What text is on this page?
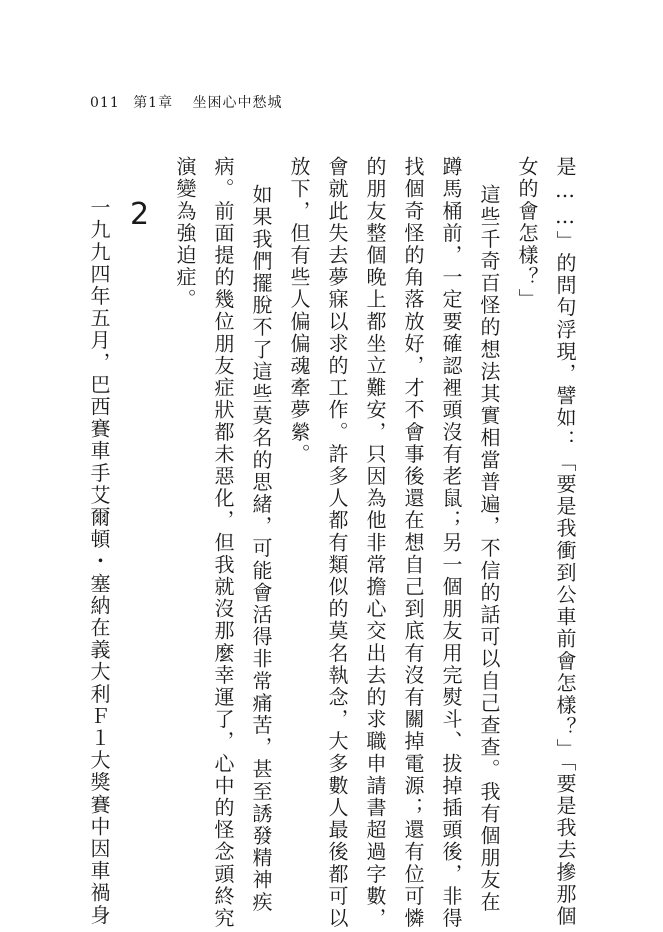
011 第1章 坐困心中愁城
是……」的問句浮現，譬如：「要是我衝到公車前會怎樣？」「要是我去摻那個
女的會怎樣？」
這些千奇百怪的想法其實相當普遍，不信的話可以自己查查。我有個朋友在
蹲馬桶前，一定要確認裡頭沒有老鼠；另一個朋友用完熨斗、拔掉插頭後，非得
找個奇怪的角落放好，才不會事後還在想自己到底有沒有關掉電源；還有位可憐
的朋友整個晚上都坐立難安，只因為他非常擔心交出去的求職申請書超過字數，
會就此失去夢寐以求的工作。許多人都有類似的莫名執念，大多數人最後都可以
放下，但有些人偏偏魂牽夢縈。
如果我們擺脫不了這些莫名的思緒，可能會活得非常痛苦，甚至誘發精神疾
病。前面提的幾位朋友症狀都未惡化，但我就沒那麼幸運了，心中的怪念頭終究
演變為強迫症。
2
一九九四年五月，巴西賽車手艾爾頓・塞納在義大利Ｆ１大獎賽中因車禍身
